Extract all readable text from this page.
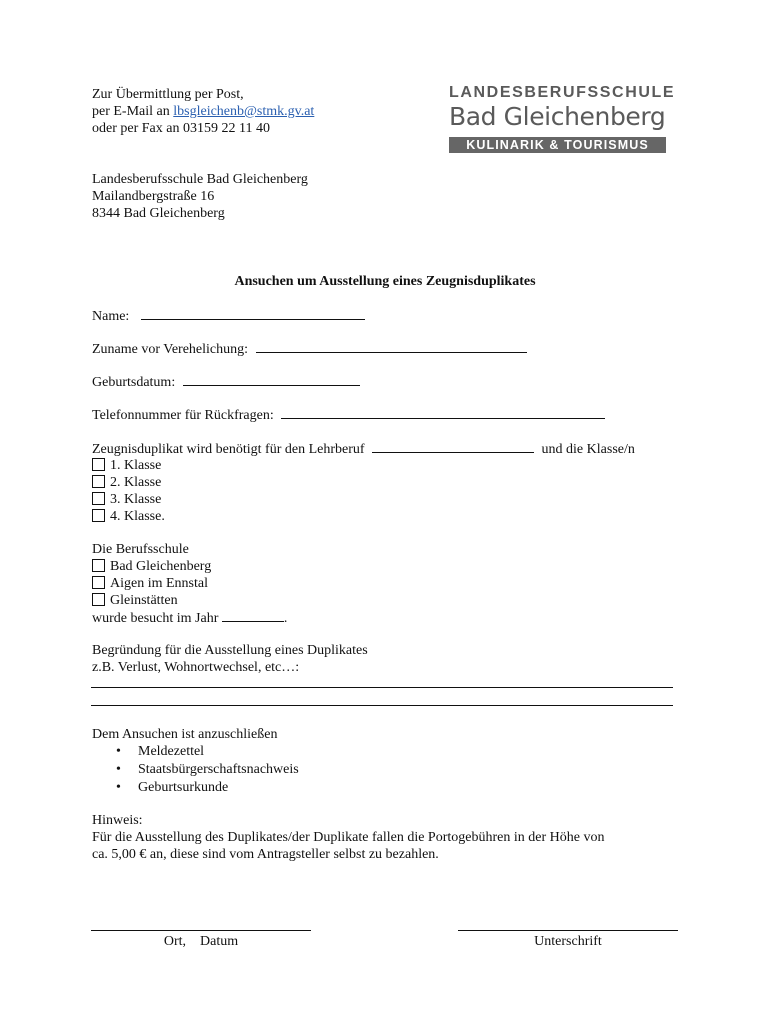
Zur Übermittlung per Post,
per E-Mail an lbsgleichenb@stmk.gv.at
oder per Fax an 03159 22 11 40
LANDESBERUFSSCHULE
Bad Gleichenberg
KULINARIK & TOURISMUS
Landesberufsschule Bad Gleichenberg
Mailandbergstraße 16
8344 Bad Gleichenberg
Ansuchen um Ausstellung eines Zeugnisduplikates
Name:
Zuname vor Verehelichung:
Geburtsdatum:
Telefonnummer für Rückfragen:
Zeugnisduplikat wird benötigt für den Lehrberuf	und die Klasse/n
1. Klasse
2. Klasse
3. Klasse
4. Klasse.
Die Berufsschule
Bad Gleichenberg
Aigen im Ennstal
Gleinstätten
wurde besucht im Jahr	.
Begründung für die Ausstellung eines Duplikates
z.B. Verlust, Wohnortwechsel, etc…:
Dem Ansuchen ist anzuschließen
• Meldezettel
• Staatsbürgerschaftsnachweis
• Geburtsurkunde
Hinweis:
Für die Ausstellung des Duplikates/der Duplikate fallen die Portogebühren in der Höhe von
ca. 5,00 € an, diese sind vom Antragsteller selbst zu bezahlen.
Ort,    Datum	Unterschrift
